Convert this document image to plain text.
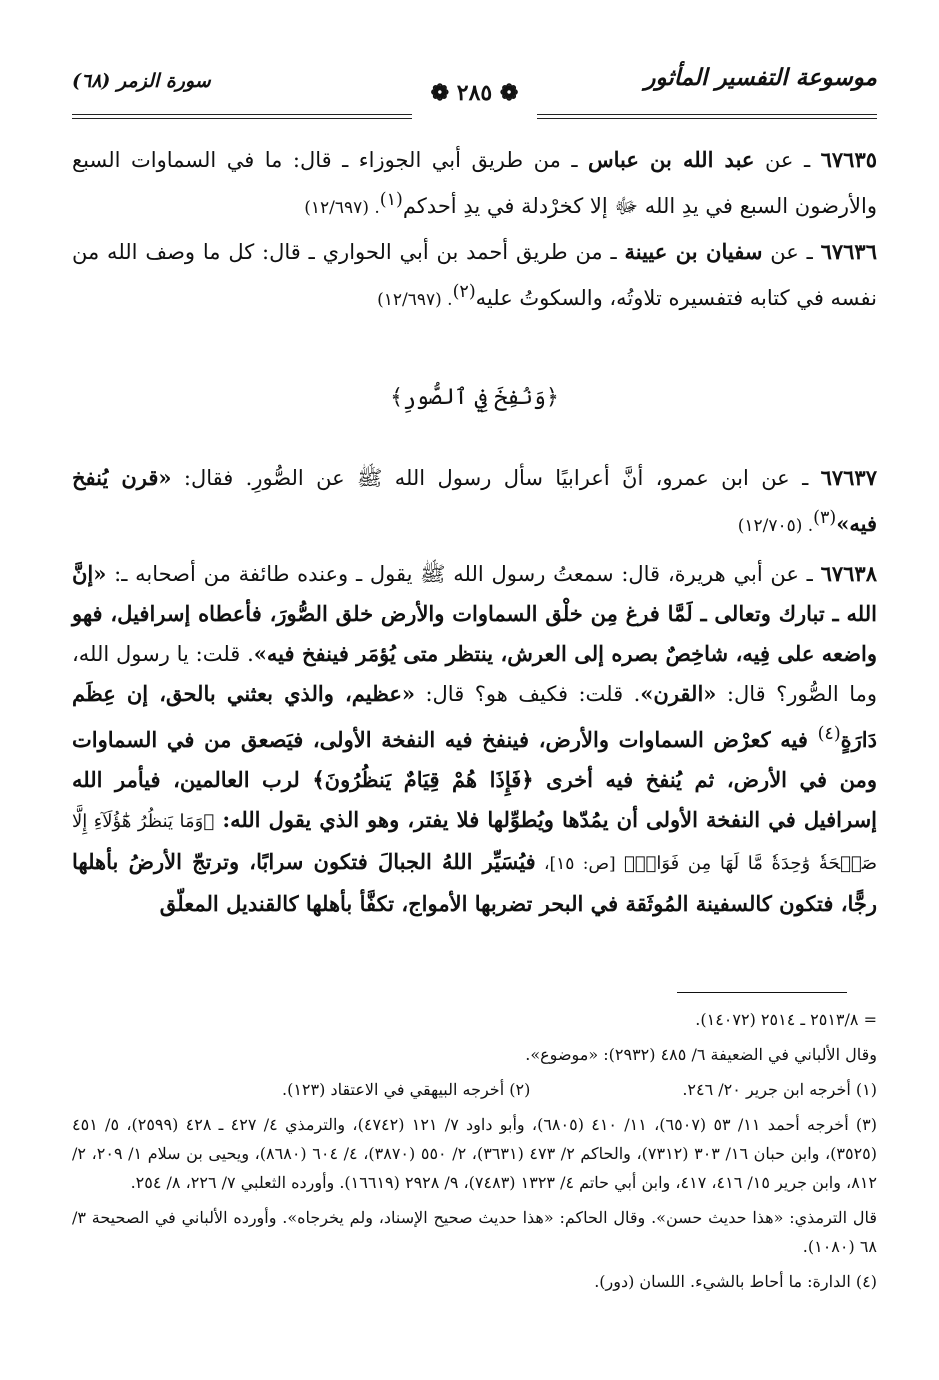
موسوعة التفسير المأثور
❁ ٢٨٥ ❁
سورة الزمر (٦٨)

٦٧٦٣٥ ـ عن عبد الله بن عباس ـ من طريق أبي الجوزاء ـ قال: ما في السماوات السبع والأرضون السبع في يدِ الله ﷻ إلا كخرْدلة في يدِ أحدكم$^{(١)}$. (١٢/٦٩٧)

٦٧٦٣٦ ـ عن سفيان بن عيينة ـ من طريق أحمد بن أبي الحواري ـ قال: كل ما وصف الله من نفسه في كتابه فتفسيره تلاوتُه، والسكوتُ عليه$^{(٢)}$. (١٢/٦٩٧)

﴿وَنُفِخَ فِي ٱلصُّورِ﴾

٦٧٦٣٧ ـ عن ابن عمرو، أنَّ أعرابيًا سأل رسول الله ﷺ عن الصُّورِ. فقال: «قرن يُنفخ فيه»$^{(٣)}$. (١٢/٧٠٥)

٦٧٦٣٨ ـ عن أبي هريرة، قال: سمعتُ رسول الله ﷺ يقول ـ وعنده طائفة من أصحابه ـ: «إنَّ الله ـ تبارك وتعالى ـ لَمَّا فرغ مِن خلْق السماوات والأرض خلق الصُّورَ، فأعطاه إسرافيل، فهو واضعه على فِيه، شاخِصٌ بصره إلى العرش، ينتظر متى يُؤمَر فينفخ فيه». قلت: يا رسول الله، وما الصُّور؟ قال: «القرن». قلت: فكيف هو؟ قال: «عظيم، والذي بعثني بالحق، إن عِظَم دَارَةٍ$^{(٤)}$ فيه كعرْض السماوات والأرض، فينفخ فيه النفخة الأولى، فيَصعق من في السماوات ومن في الأرض، ثم يُنفخ فيه أخرى ﴿فَإِذَا هُمْ قِيَامٌ يَنظُرُونَ﴾ لرب العالمين، فيأمر الله إسرافيل في النفخة الأولى أن يمُدّها ويُطوِّلها فلا يفتر، وهو الذي يقول الله: ﴿وَمَا يَنظُرُ هَٰٓؤُلَآءِ إِلَّا صَيۡحَةٗ وَٰحِدَةٗ مَّا لَهَا مِن فَوَاقٖ﴾ [ص: ١٥]، فيُسَيِّر اللهُ الجبالَ فتكون سرابًا، وترتجّ الأرضُ بأهلها رجًّا، فتكون كالسفينة المُوثَقة في البحر تضربها الأمواج، تكفَّأ بأهلها كالقنديل المعلّق

= ٢٥١٣/٨ ـ ٢٥١٤ (١٤٠٧٢).

وقال الألباني في الضعيفة ٦/ ٤٨٥ (٢٩٣٢): «موضوع».

(١) أخرجه ابن جرير ٢٠/ ٢٤٦.
(٢) أخرجه البيهقي في الاعتقاد (١٢٣).

(٣) أخرجه أحمد ١١/ ٥٣ (٦٥٠٧)، ١١/ ٤١٠ (٦٨٠٥)، وأبو داود ٧/ ١٢١ (٤٧٤٢)، والترمذي ٤/ ٤٢٧ ـ ٤٢٨ (٢٥٩٩)، ٥/ ٤٥١ (٣٥٢٥)، وابن حبان ١٦/ ٣٠٣ (٧٣١٢)، والحاكم ٢/ ٤٧٣ (٣٦٣١)، ٢/ ٥٥٠ (٣٨٧٠)، ٤/ ٦٠٤ (٨٦٨٠)، ويحيى بن سلام ١/ ٢٠٩، ٢/ ٨١٢، وابن جرير ١٥/ ٤١٦، ٤١٧، وابن أبي حاتم ٤/ ١٣٢٣ (٧٤٨٣)، ٩/ ٢٩٢٨ (١٦٦١٩). وأورده الثعلبي ٧/ ٢٢٦، ٨/ ٢٥٤.

قال الترمذي: «هذا حديث حسن». وقال الحاكم: «هذا حديث صحيح الإسناد، ولم يخرجاه». وأورده الألباني في الصحيحة ٣/ ٦٨ (١٠٨٠).

(٤) الدارة: ما أحاط بالشيء. اللسان (دور).
